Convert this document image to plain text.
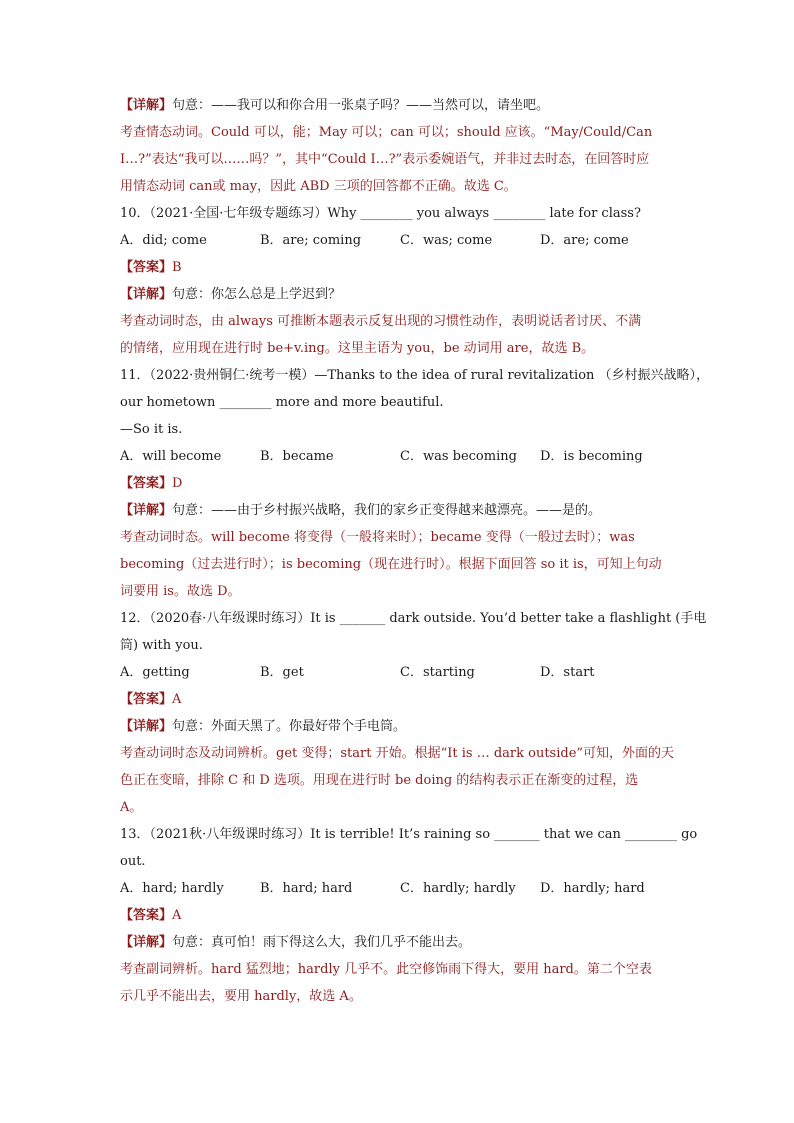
【详解】句意：——我可以和你合用一张桌子吗？——当然可以，请坐吧。
考查情态动词。Could 可以，能；May 可以；can 可以；should 应该。“May/Could/Can
I…?”表达“我可以……吗？”，其中“Could I…?”表示委婉语气，并非过去时态，在回答时应
用情态动词 can或 may，因此 ABD 三项的回答都不正确。故选 C。
10．（2021·全国·七年级专题练习）Why ________ you always ________ late for class?
A．did; come	B．are; coming	C．was; come	D．are; come
【答案】B
【详解】句意：你怎么总是上学迟到？
考查动词时态，由 always 可推断本题表示反复出现的习惯性动作，表明说话者讨厌、不满
的情绪，应用现在进行时 be+v.ing。这里主语为 you，be 动词用 are，故选 B。
11．（2022·贵州铜仁·统考一模）—Thanks to the idea of rural revitalization （乡村振兴战略），
our hometown ________ more and more beautiful.
—So it is.
A．will become	B．became	C．was becoming	D．is becoming
【答案】D
【详解】句意：——由于乡村振兴战略，我们的家乡正变得越来越漂亮。——是的。
考查动词时态。will become 将变得（一般将来时）；became 变得（一般过去时）；was
becoming（过去进行时）；is becoming（现在进行时）。根据下面回答 so it is，可知上句动
词要用 is。故选 D。
12．（2020春·八年级课时练习）It is _______ dark outside. You’d better take a flashlight (手电
筒) with you.
A．getting	B．get	C．starting	D．start
【答案】A
【详解】句意：外面天黑了。你最好带个手电筒。
考查动词时态及动词辨析。get 变得；start 开始。根据“It is … dark outside”可知，外面的天
色正在变暗，排除 C 和 D 选项。用现在进行时 be doing 的结构表示正在渐变的过程，选
A。
13．（2021秋·八年级课时练习）It is terrible! It’s raining so _______ that we can ________ go
out.
A．hard; hardly	B．hard; hard	C．hardly; hardly	D．hardly; hard
【答案】A
【详解】句意：真可怕！雨下得这么大，我们几乎不能出去。
考查副词辨析。hard 猛烈地；hardly 几乎不。此空修饰雨下得大，要用 hard。第二个空表
示几乎不能出去，要用 hardly，故选 A。
